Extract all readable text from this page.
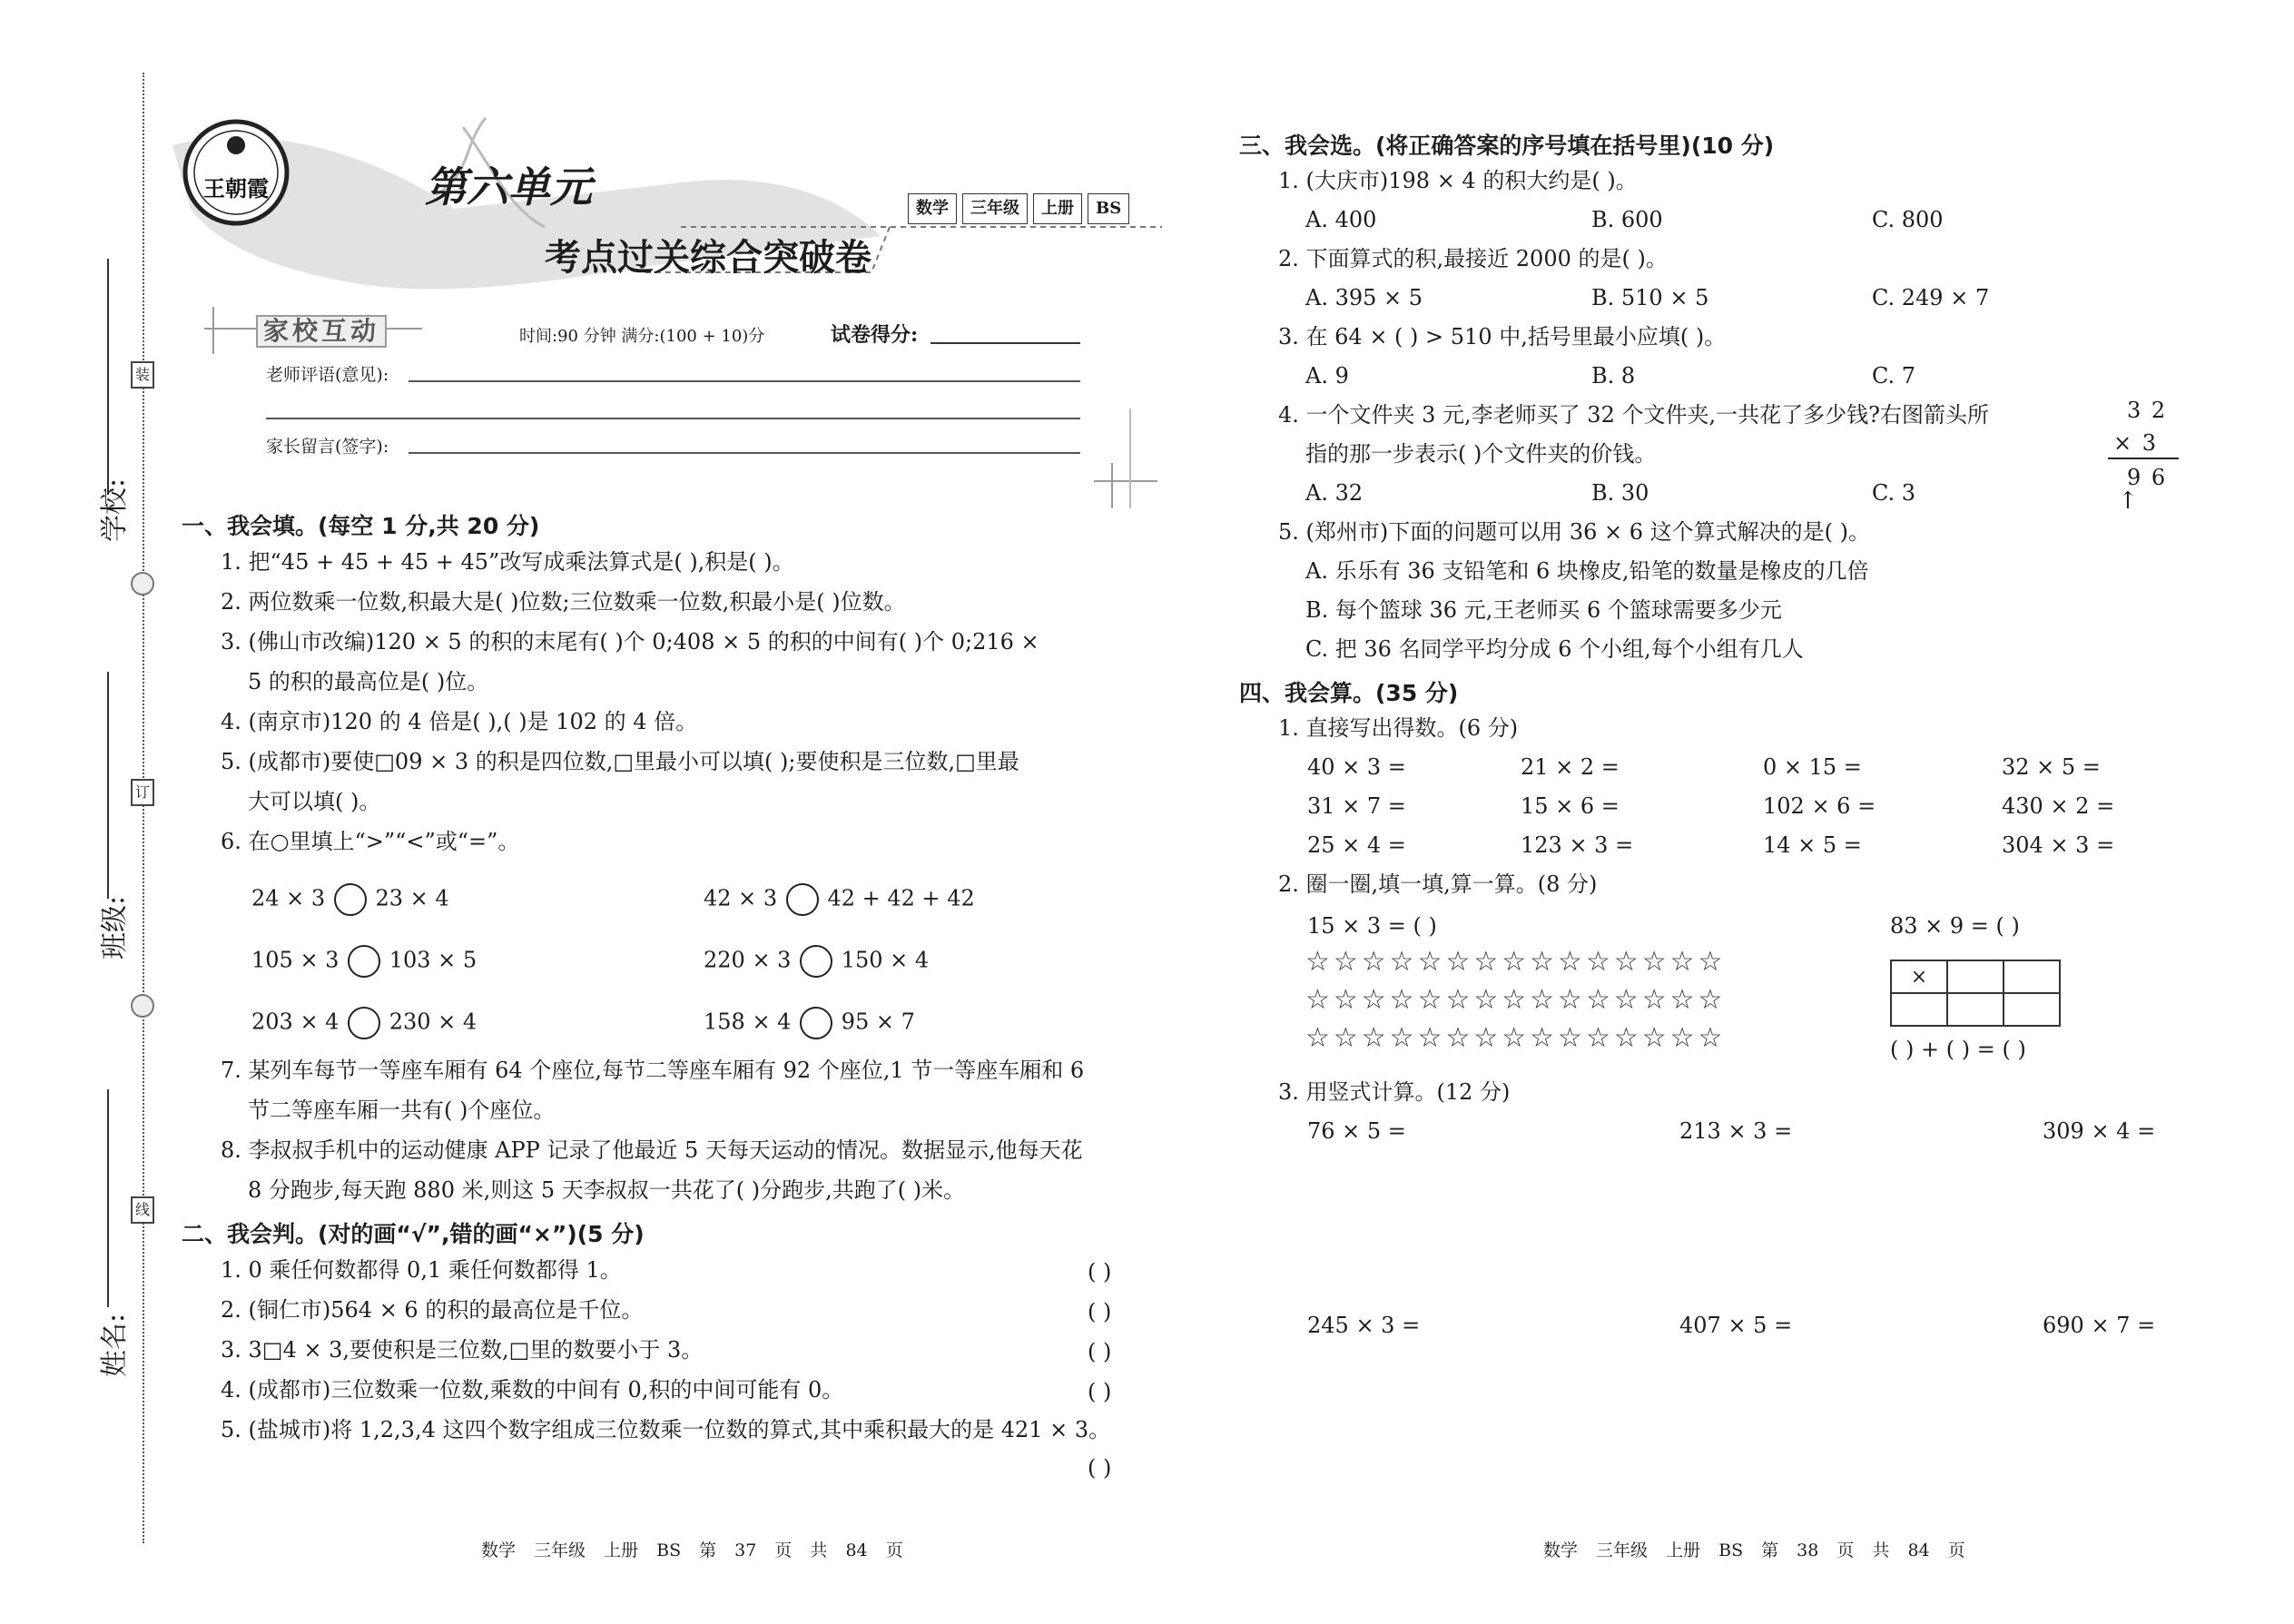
学校:
班级:
姓名:
装
订
线
王朝霞	第六单元
考点过关综合突破卷
数学	三年级	上册	BS
家校互动	时间:90 分钟 满分:(100 + 10)分	试卷得分:
老师评语(意见):
家长留言(签字):
一、我会填。(每空 1 分,共 20 分)
1. 把“45 + 45 + 45 + 45”改写成乘法算式是( ),积是( )。
2. 两位数乘一位数,积最大是( )位数;三位数乘一位数,积最小是( )位数。
3. (佛山市改编)120 × 5 的积的末尾有( )个 0;408 × 5 的积的中间有( )个 0;216 ×
5 的积的最高位是( )位。
4. (南京市)120 的 4 倍是( ),( )是 102 的 4 倍。
5. (成都市)要使□09 × 3 的积是四位数,□里最小可以填( );要使积是三位数,□里最
大可以填( )。
6. 在○里填上“>”“<”或“=”。
24 × 3 23 × 4	42 × 3 42 + 42 + 42
105 × 3 103 × 5	220 × 3 150 × 4
203 × 4 230 × 4	158 × 4 95 × 7
7. 某列车每节一等座车厢有 64 个座位,每节二等座车厢有 92 个座位,1 节一等座车厢和 6
节二等座车厢一共有( )个座位。
8. 李叔叔手机中的运动健康 APP 记录了他最近 5 天每天运动的情况。数据显示,他每天花
8 分跑步,每天跑 880 米,则这 5 天李叔叔一共花了( )分跑步,共跑了( )米。
二、我会判。(对的画“√”,错的画“×”)(5 分)
1. 0 乘任何数都得 0,1 乘任何数都得 1。	( )
2. (铜仁市)564 × 6 的积的最高位是千位。	( )
3. 3□4 × 3,要使积是三位数,□里的数要小于 3。	( )
4. (成都市)三位数乘一位数,乘数的中间有 0,积的中间可能有 0。	( )
5. (盐城市)将 1,2,3,4 这四个数字组成三位数乘一位数的算式,其中乘积最大的是 421 × 3。
( )
三、我会选。(将正确答案的序号填在括号里)(10 分)
1. (大庆市)198 × 4 的积大约是( )。
A. 400	B. 600	C. 800
2. 下面算式的积,最接近 2000 的是( )。
A. 395 × 5	B. 510 × 5	C. 249 × 7
3. 在 64 × ( ) > 510 中,括号里最小应填( )。
A. 9	B. 8	C. 7
4. 一个文件夹 3 元,李老师买了 32 个文件夹,一共花了多少钱?右图箭头所
指的那一步表示( )个文件夹的价钱。
A. 32	B. 30	C. 3
3 2
× 3
9 6
↑
5. (郑州市)下面的问题可以用 36 × 6 这个算式解决的是( )。
A. 乐乐有 36 支铅笔和 6 块橡皮,铅笔的数量是橡皮的几倍
B. 每个篮球 36 元,王老师买 6 个篮球需要多少元
C. 把 36 名同学平均分成 6 个小组,每个小组有几人
四、我会算。(35 分)
1. 直接写出得数。(6 分)
40 × 3 =	21 × 2 =	0 × 15 =	32 × 5 =
31 × 7 =	15 × 6 =	102 × 6 =	430 × 2 =
25 × 4 =	123 × 3 =	14 × 5 =	304 × 3 =
2. 圈一圈,填一填,算一算。(8 分)
15 × 3 = ( )
☆☆☆☆☆☆☆☆☆☆☆☆☆☆☆
☆☆☆☆☆☆☆☆☆☆☆☆☆☆☆
☆☆☆☆☆☆☆☆☆☆☆☆☆☆☆
83 × 9 = ( )
×		

( ) + ( ) = ( )
3. 用竖式计算。(12 分)
76 × 5 =	213 × 3 =	309 × 4 =
245 × 3 =	407 × 5 =	690 × 7 =
数学 三年级 上册 BS 第 37 页 共 84 页	数学 三年级 上册 BS 第 38 页 共 84 页
